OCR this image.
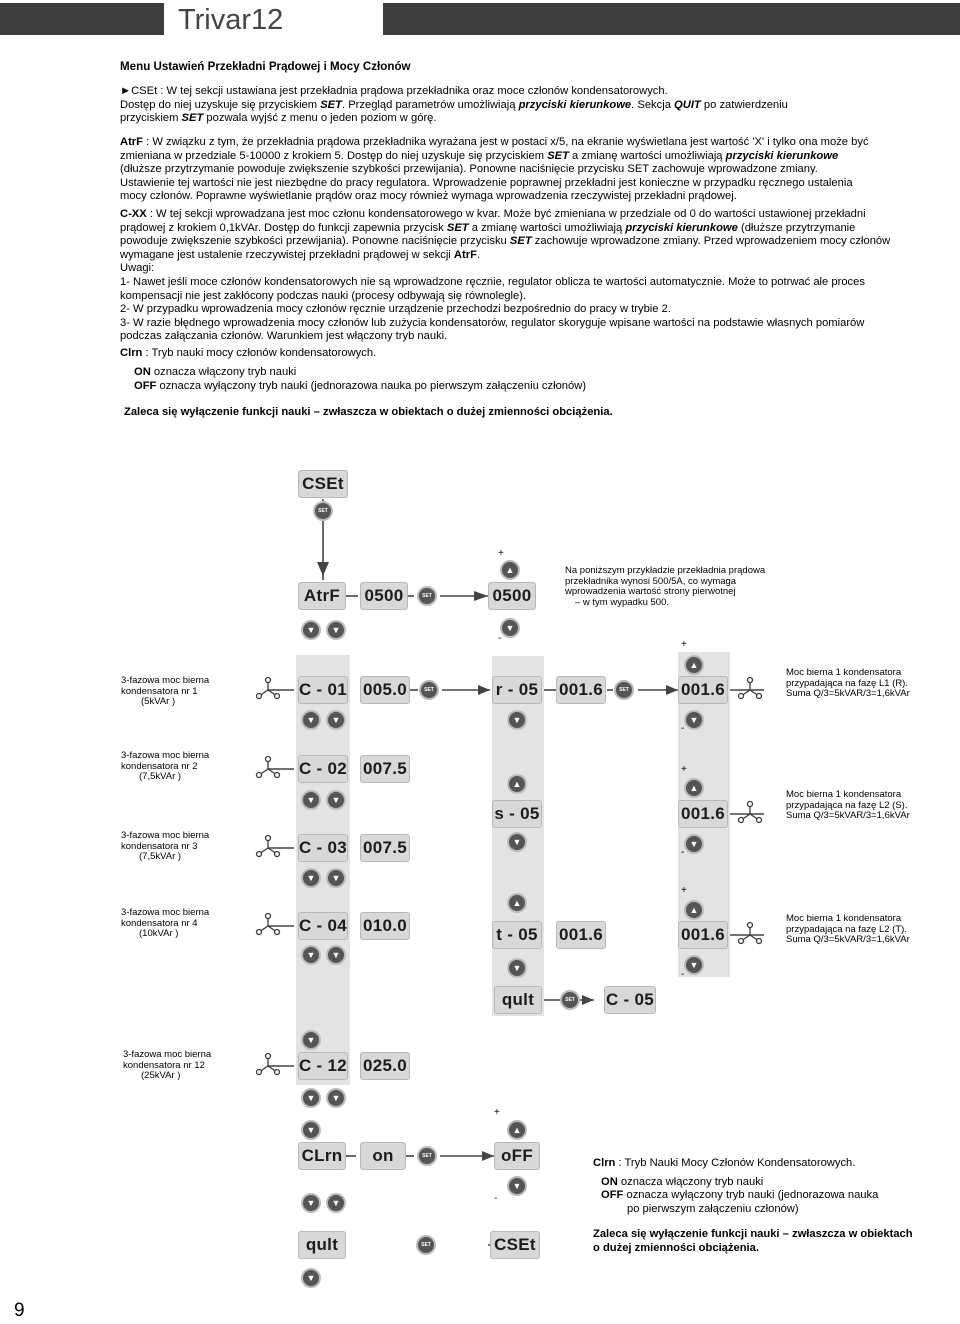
Trivar12
Menu Ustawień Przekładni Prądowej i Mocy Członów
►CSEt : W tej sekcji ustawiana jest przekładnia prądowa przekładnika oraz moce członów kondensatorowych.
Dostęp do niej uzyskuje się przyciskiem SET. Przegląd parametrów umożliwiają przyciski kierunkowe. Sekcja QUIT po zatwierdzeniu
przyciskiem SET pozwala wyjść z menu o jeden poziom w górę.
AtrF : W związku z tym, że przekładnia prądowa przekładnika wyrażana jest w postaci x/5, na ekranie wyświetlana jest wartość 'X' i tylko ona może być
zmieniana w przedziale 5-10000 z krokiem 5. Dostęp do niej uzyskuje się przyciskiem SET a zmianę wartości umożliwiają przyciski kierunkowe
(dłuższe przytrzymanie powoduje zwiększenie szybkości przewijania). Ponowne naciśnięcie przycisku SET zachowuje wprowadzone zmiany.
Ustawienie tej wartości nie jest niezbędne do pracy regulatora. Wprowadzenie poprawnej przekładni jest konieczne w przypadku ręcznego ustalenia
mocy członów. Poprawne wyświetlanie prądów oraz mocy również wymaga wprowadzenia rzeczywistej przekładni prądowej.
C-XX : W tej sekcji wprowadzana jest moc członu kondensatorowego w kvar. Może być zmieniana w przedziale od 0 do wartości ustawionej przekładni
prądowej z krokiem 0,1kVAr. Dostęp do funkcji zapewnia przycisk SET a zmianę wartości umożliwiają przyciski kierunkowe (dłuższe przytrzymanie
powoduje zwiększenie szybkości przewijania). Ponowne naciśnięcie przycisku SET zachowuje wprowadzone zmiany. Przed wprowadzeniem mocy członów
wymagane jest ustalenie rzeczywistej przekładni prądowej w sekcji AtrF.
Uwagi:
1- Nawet jeśli moce członów kondensatorowych nie są wprowadzone ręcznie, regulator oblicza te wartości automatycznie. Może to potrwać ale proces
kompensacji nie jest zakłócony podczas nauki (procesy odbywają się równolegle).
2- W przypadku wprowadzenia mocy członów ręcznie urządzenie przechodzi bezpośrednio do pracy w trybie 2.
3- W razie błędnego wprowadzenia mocy członów lub zużycia kondensatorów, regulator skoryguje wpisane wartości na podstawie własnych pomiarów
podczas załączania członów. Warunkiem jest włączony tryb nauki.
Clrn : Tryb nauki mocy członów kondensatorowych.
ON oznacza włączony tryb nauki
OFF oznacza wyłączony tryb nauki (jednorazowa nauka po pierwszym załączeniu członów)
Zaleca się wyłączenie funkcji nauki – zwłaszcza w obiektach o dużej zmienności obciążenia.
CSEt
AtrF	0500	0500
C - 01 005.0	r - 05 001.6	001.6
C - 02 007.5
s - 05	001.6
C - 03 007.5
C - 04 010.0	t - 05 001.6	001.6
qult	C - 05
C - 12 025.0
CLrn	on	oFF
qult	CSEt
SET
SET
SET	SET
SET
SET
SET
▼	▼
▲
▼
+
-
▼	▼	▼
▲
▼
+
-
▼	▼
▲
▼
▲
▼
+
-
▼	▼
▲
▼
▼	▼
▲
▼
+
-
▼
▼	▼
▼
▼	▼
▲
▼
+
-
▼
Na poniższym przykładzie przekładnia prądowa
przekładnika wynosi 500/5A, co wymaga
wprowadzenia wartość strony pierwotnej
– w tym wypadku 500.
3-fazowa moc bierna
kondensatora nr 1
(5kVAr )
3-fazowa moc bierna
kondensatora nr 2
(7,5kVAr )
3-fazowa moc bierna
kondensatora nr 3
(7,5kVAr )
3-fazowa moc bierna
kondensatora nr 4
(10kVAr )
3-fazowa moc bierna
kondensatora nr 12
(25kVAr )
Moc bierna 1 kondensatora
przypadająca na fazę L1 (R).
Suma Q/3=5kVAR/3=1,6kVAr
Moc bierna 1 kondensatora
przypadająca na fazę L2 (S).
Suma Q/3=5kVAR/3=1,6kVAr
Moc bierna 1 kondensatora
przypadająca na fazę L2 (T).
Suma Q/3=5kVAR/3=1,6kVAr
Clrn : Tryb Nauki Mocy Członów Kondensatorowych.
ON oznacza włączony tryb nauki
OFF oznacza wyłączony tryb nauki (jednorazowa nauka
po pierwszym załączeniu członów)
Zaleca się wyłączenie funkcji nauki – zwłaszcza w obiektach
o dużej zmienności obciążenia.
9
